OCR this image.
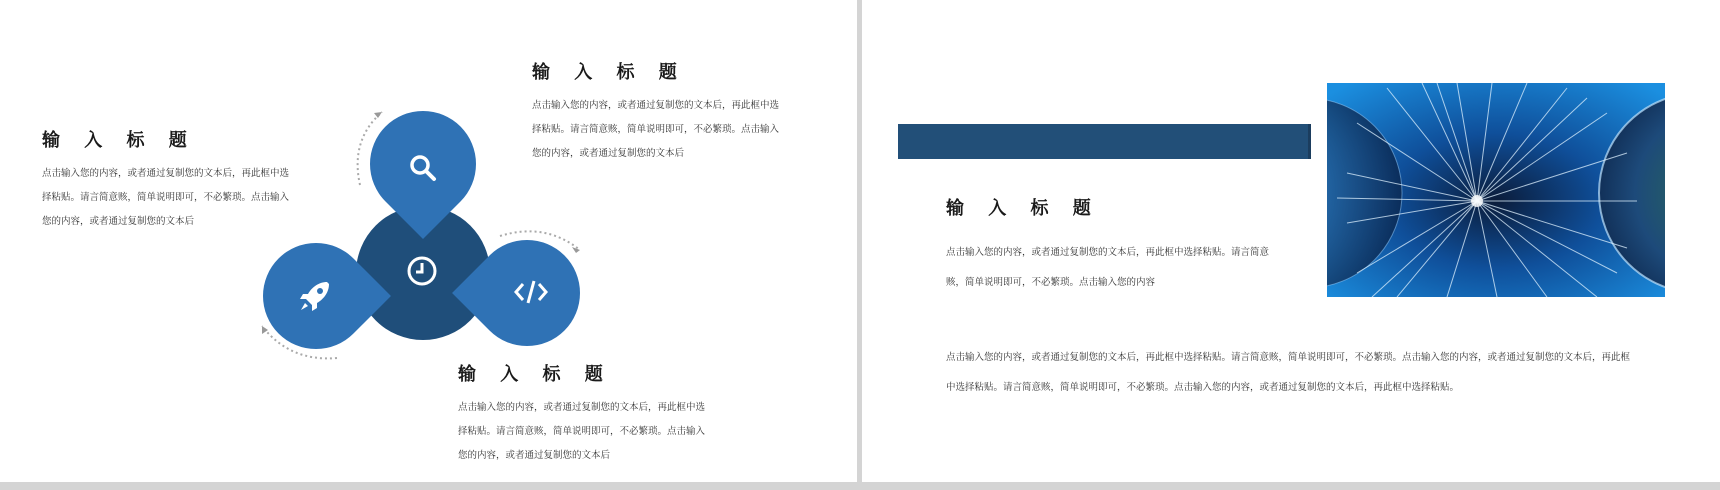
输 入 标 题
点击输入您的内容，或者通过复制您的文本后，再此框中选
择粘贴。请言简意赅，简单说明即可，不必繁琐。点击输入
您的内容，或者通过复制您的文本后
输 入 标 题
点击输入您的内容，或者通过复制您的文本后，再此框中选
择粘贴。请言简意赅，简单说明即可，不必繁琐。点击输入
您的内容，或者通过复制您的文本后
输 入 标 题
点击输入您的内容，或者通过复制您的文本后，再此框中选
择粘贴。请言简意赅，简单说明即可，不必繁琐。点击输入
您的内容，或者通过复制您的文本后
输 入 标 题
点击输入您的内容，或者通过复制您的文本后，再此框中选择粘贴。请言简意
赅，简单说明即可，不必繁琐。点击输入您的内容
点击输入您的内容，或者通过复制您的文本后，再此框中选择粘贴。请言简意赅，简单说明即可，不必繁琐。点击输入您的内容，或者通过复制您的文本后，再此框
中选择粘贴。请言简意赅，简单说明即可，不必繁琐。点击输入您的内容，或者通过复制您的文本后，再此框中选择粘贴。
